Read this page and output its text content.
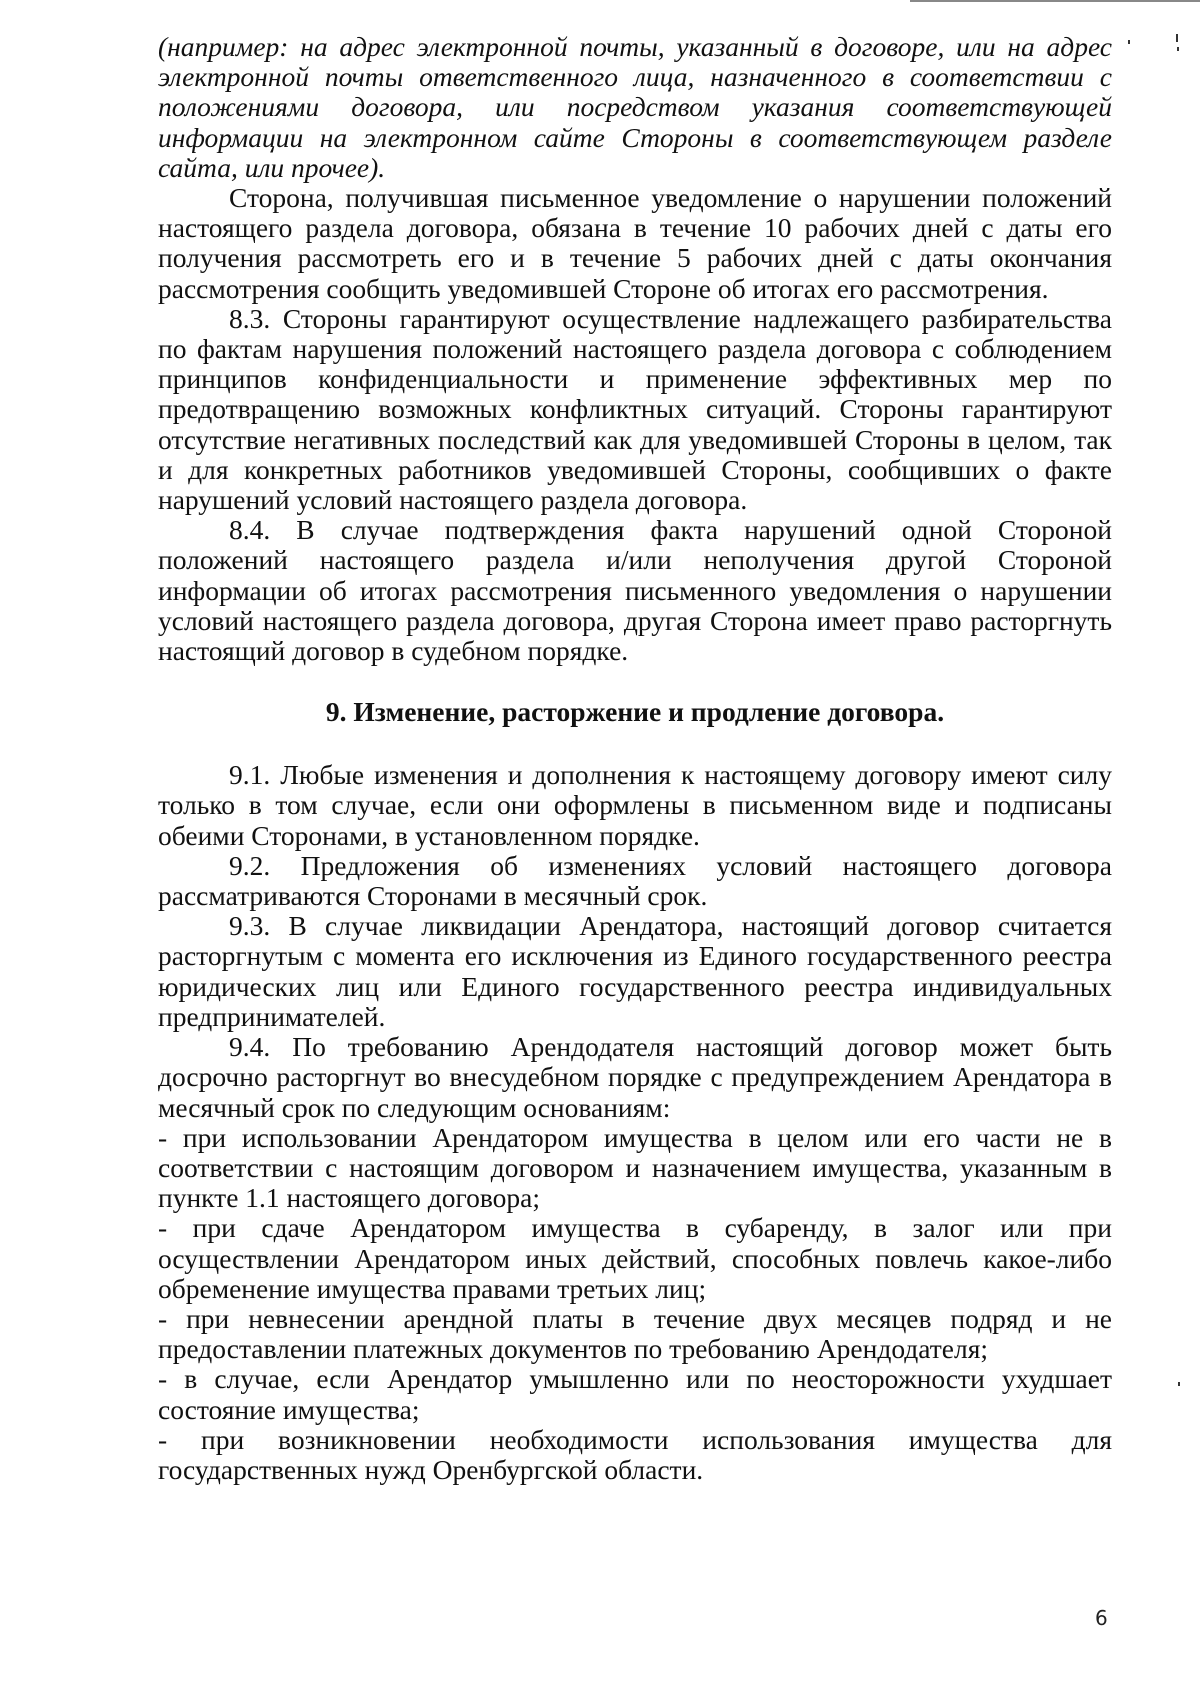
(например: на адрес электронной почты, указанный в договоре, или на адрес электронной почты ответственного лица, назначенного в соответствии с положениями договора, или посредством указания соответствующей информации на электронном сайте Стороны в соответствующем разделе сайта, или прочее).

Сторона, получившая письменное уведомление о нарушении положений настоящего раздела договора, обязана в течение 10 рабочих дней с даты его получения рассмотреть его и в течение 5 рабочих дней с даты окончания рассмотрения сообщить уведомившей Стороне об итогах его рассмотрения.

8.3. Стороны гарантируют осуществление надлежащего разбирательства по фактам нарушения положений настоящего раздела договора с соблюдением принципов конфиденциальности и применение эффективных мер по предотвращению возможных конфликтных ситуаций. Стороны гарантируют отсутствие негативных последствий как для уведомившей Стороны в целом, так и для конкретных работников уведомившей Стороны, сообщивших о факте нарушений условий настоящего раздела договора.

8.4. В случае подтверждения факта нарушений одной Стороной положений настоящего раздела и/или неполучения другой Стороной информации об итогах рассмотрения письменного уведомления о нарушении условий настоящего раздела договора, другая Сторона имеет право расторгнуть настоящий договор в судебном порядке.

9. Изменение, расторжение и продление договора.

9.1. Любые изменения и дополнения к настоящему договору имеют силу только в том случае, если они оформлены в письменном виде и подписаны обеими Сторонами, в установленном порядке.

9.2. Предложения об изменениях условий настоящего договора рассматриваются Сторонами в месячный срок.

9.3. В случае ликвидации Арендатора, настоящий договор считается расторгнутым с момента его исключения из Единого государственного реестра юридических лиц или Единого государственного реестра индивидуальных предпринимателей.

9.4. По требованию Арендодателя настоящий договор может быть досрочно расторгнут во внесудебном порядке с предупреждением Арендатора в месячный срок по следующим основаниям:

- при использовании Арендатором имущества в целом или его части не в соответствии с настоящим договором и назначением имущества, указанным в пункте 1.1 настоящего договора;

- при сдаче Арендатором имущества в субаренду, в залог или при осуществлении Арендатором иных действий, способных повлечь какое-либо обременение имущества правами третьих лиц;

- при невнесении арендной платы в течение двух месяцев подряд и не предоставлении платежных документов по требованию Арендодателя;

- в случае, если Арендатор умышленно или по неосторожности ухудшает состояние имущества;

- при возникновении необходимости использования имущества для государственных нужд Оренбургской области.

6
